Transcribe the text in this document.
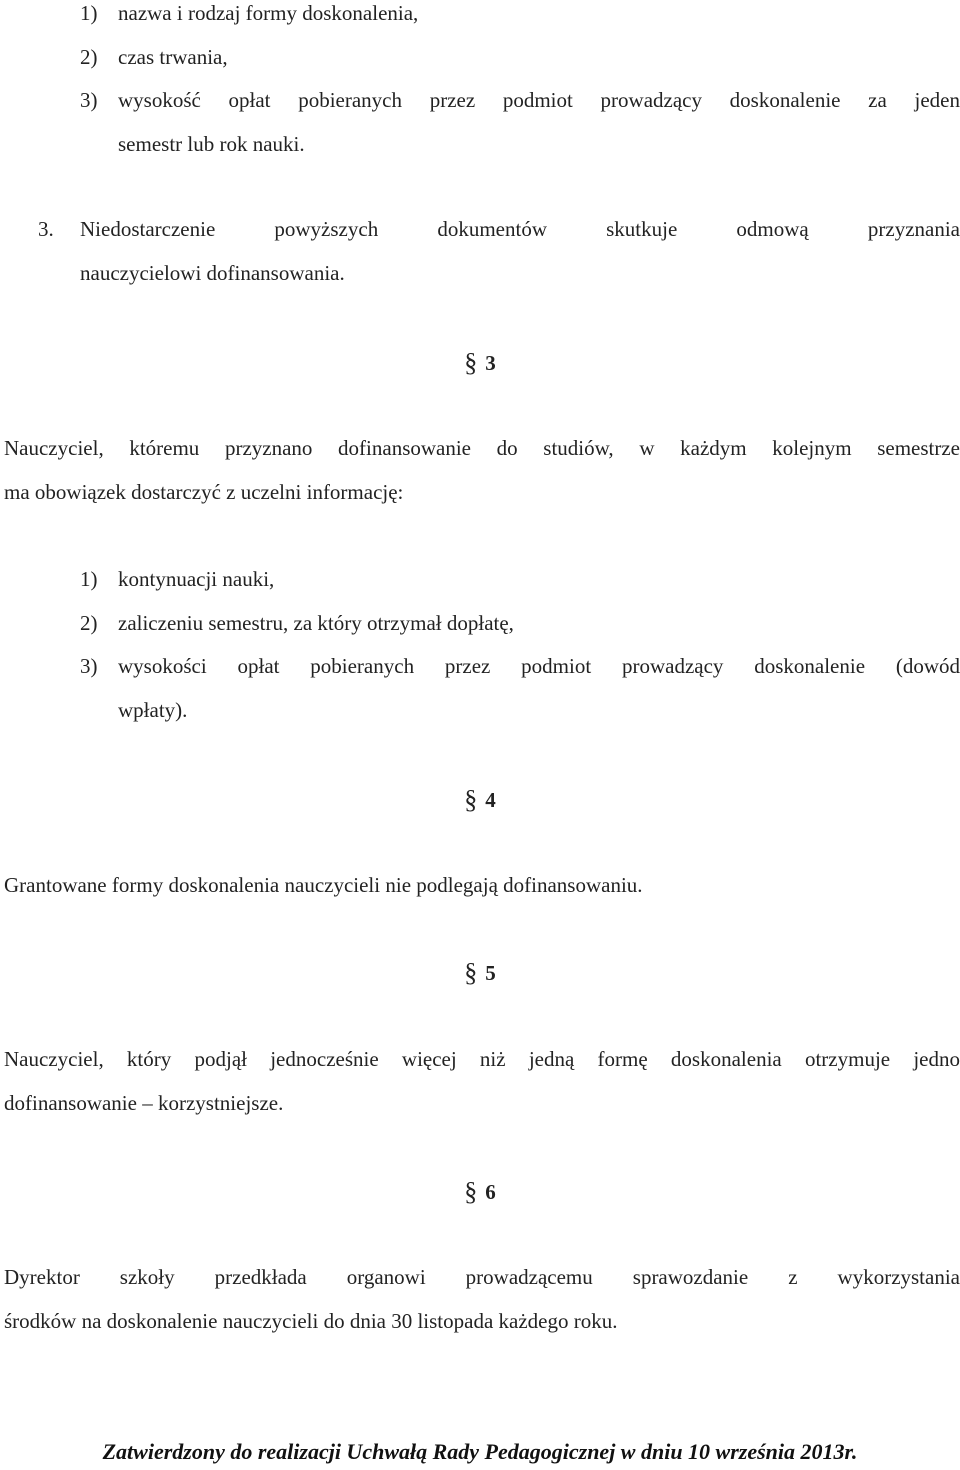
1) nazwa i rodzaj formy doskonalenia,
2) czas trwania,
3) wysokość opłat pobieranych przez podmiot prowadzący doskonalenie za jeden
semestr lub rok nauki.
3.	Niedostarczenie powyższych dokumentów skutkuje odmową przyznania
nauczycielowi dofinansowania.
§ 3
Nauczyciel, któremu przyznano dofinansowanie do studiów, w każdym kolejnym semestrze
ma obowiązek dostarczyć z uczelni informację:
1) kontynuacji nauki,
2) zaliczeniu semestru, za który otrzymał dopłatę,
3) wysokości opłat pobieranych przez podmiot prowadzący doskonalenie (dowód
wpłaty).
§ 4
Grantowane formy doskonalenia nauczycieli nie podlegają dofinansowaniu.
§ 5
Nauczyciel, który podjął jednocześnie więcej niż jedną formę doskonalenia otrzymuje jedno
dofinansowanie – korzystniejsze.
§ 6
Dyrektor szkoły przedkłada organowi prowadzącemu sprawozdanie z wykorzystania
środków na doskonalenie nauczycieli do dnia 30 listopada każdego roku.
Zatwierdzony do realizacji Uchwałą Rady Pedagogicznej w dniu 10 września 2013r.
